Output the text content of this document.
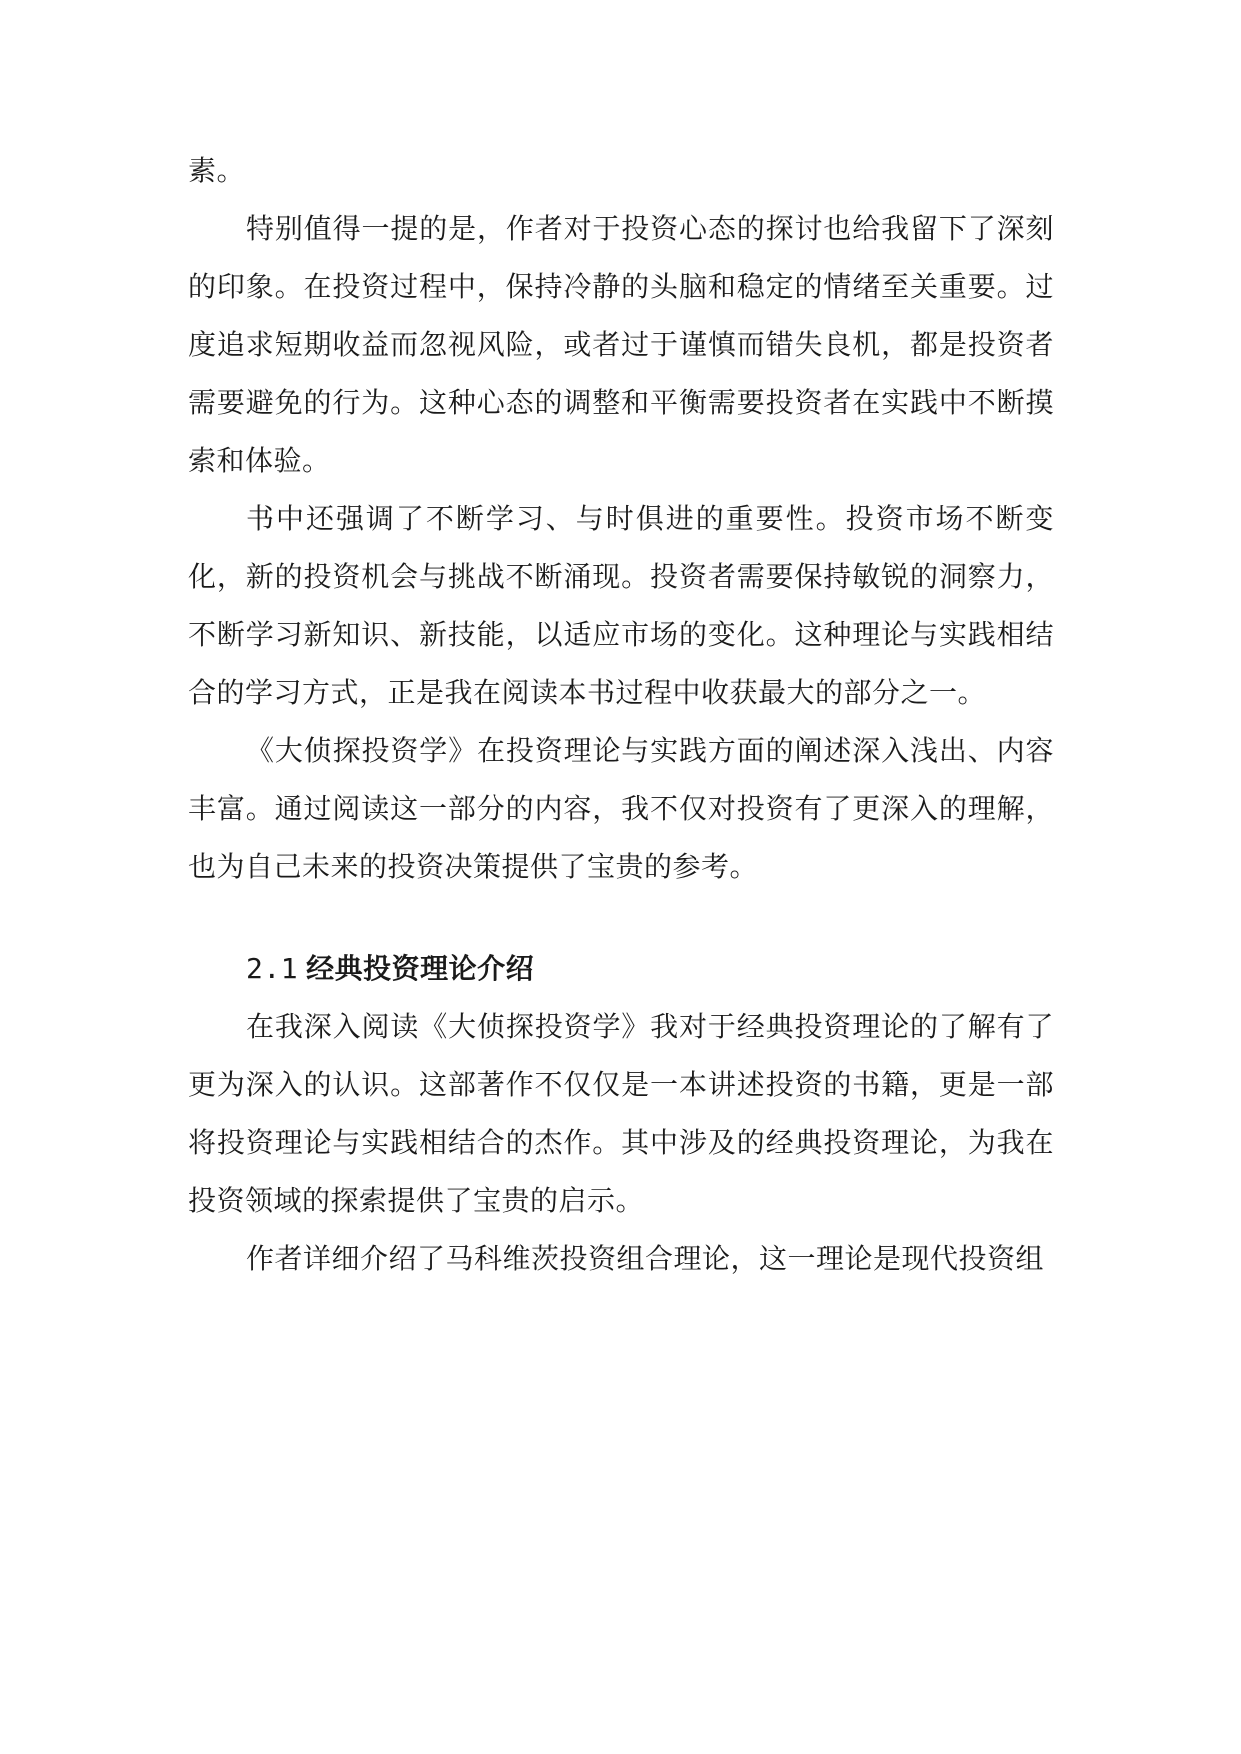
素。

特别值得一提的是，作者对于投资心态的探讨也给我留下了深刻的印象。在投资过程中，保持冷静的头脑和稳定的情绪至关重要。过度追求短期收益而忽视风险，或者过于谨慎而错失良机，都是投资者需要避免的行为。这种心态的调整和平衡需要投资者在实践中不断摸索和体验。

书中还强调了不断学习、与时俱进的重要性。投资市场不断变化，新的投资机会与挑战不断涌现。投资者需要保持敏锐的洞察力，不断学习新知识、新技能，以适应市场的变化。这种理论与实践相结合的学习方式，正是我在阅读本书过程中收获最大的部分之一。

《大侦探投资学》在投资理论与实践方面的阐述深入浅出、内容丰富。通过阅读这一部分的内容，我不仅对投资有了更深入的理解，也为自己未来的投资决策提供了宝贵的参考。

2.1 经典投资理论介绍

在我深入阅读《大侦探投资学》我对于经典投资理论的了解有了更为深入的认识。这部著作不仅仅是一本讲述投资的书籍，更是一部将投资理论与实践相结合的杰作。其中涉及的经典投资理论，为我在投资领域的探索提供了宝贵的启示。

作者详细介绍了马科维茨投资组合理论，这一理论是现代投资组
